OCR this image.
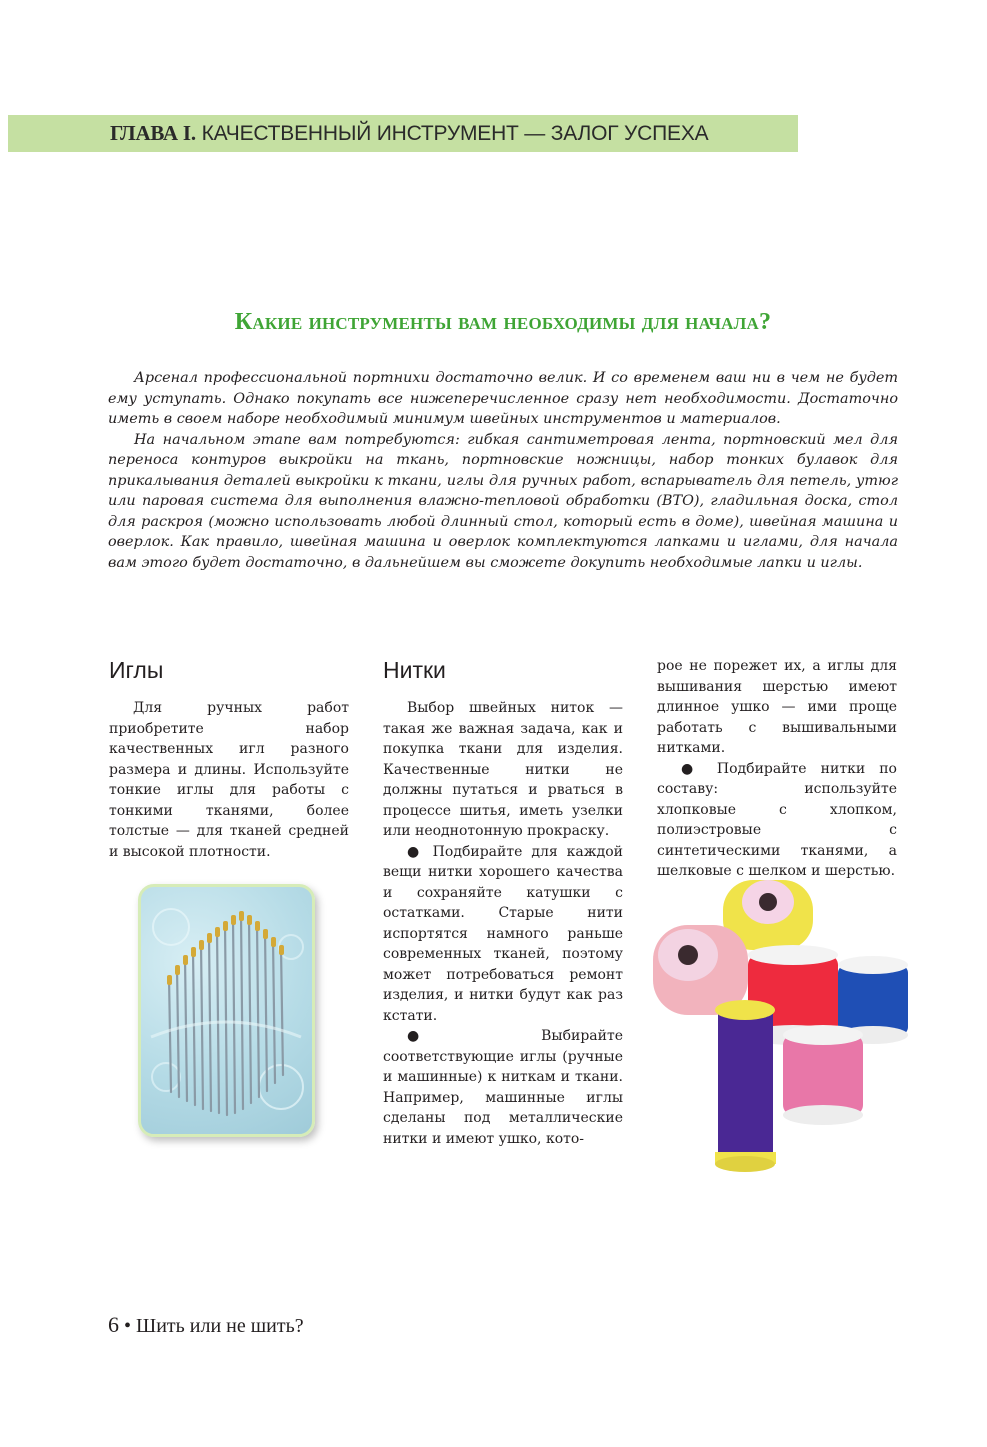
ГЛАВА I. КАЧЕСТВЕННЫЙ ИНСТРУМЕНТ — ЗАЛОГ УСПЕХА
Какие инструменты вам необходимы для начала?

Арсенал профессиональной портнихи достаточно велик. И со временем ваш ни в чем не будет ему уступать. Однако покупать все нижеперечисленное сразу нет необходимости. Достаточно иметь в своем наборе необходимый минимум швейных инструментов и материалов.

На начальном этапе вам потребуются: гибкая сантиметровая лента, портновский мел для переноса контуров выкройки на ткань, портновские ножницы, набор тонких булавок для прикалывания деталей выкройки к ткани, иглы для ручных работ, вспарыватель для петель, утюг или паровая система для выполнения влажно-тепловой обработки (ВТО), гладильная доска, стол для раскроя (можно использовать любой длинный стол, который есть в доме), швейная машина и оверлок. Как правило, швейная машина и оверлок комплектуются лапками и иглами, для начала вам этого будет достаточно, в дальнейшем вы сможете докупить необходимые лапки и иглы.

Иглы

Для ручных работ приобретите набор качественных игл разного размера и длины. Используйте тонкие иглы для работы с тонкими тканями, более толстые — для тканей средней и высокой плотности.

Нитки

Выбор швейных ниток — такая же важная задача, как и покупка ткани для изделия. Качественные нитки не должны путаться и рваться в процессе шитья, иметь узелки или неоднотонную прокраску.

● Подбирайте для каждой вещи нитки хорошего качества и сохраняйте катушки с остатками. Старые нити испортятся намного раньше современных тканей, поэтому может потребоваться ремонт изделия, и нитки будут как раз кстати.

● Выбирайте соответствующие иглы (ручные и машинные) к ниткам и ткани. Например, машинные иглы сделаны под металлические нитки и имеют ушко, кото-

рое не порежет их, а иглы для вышивания шерстью имеют длинное ушко — ими проще работать с вышивальными нитками.

● Подбирайте нитки по составу: используйте хлопковые с хлопком, полиэстровые с синтетическими тканями, а шелковые с шелком и шерстью.

6 • Шить или не шить?
